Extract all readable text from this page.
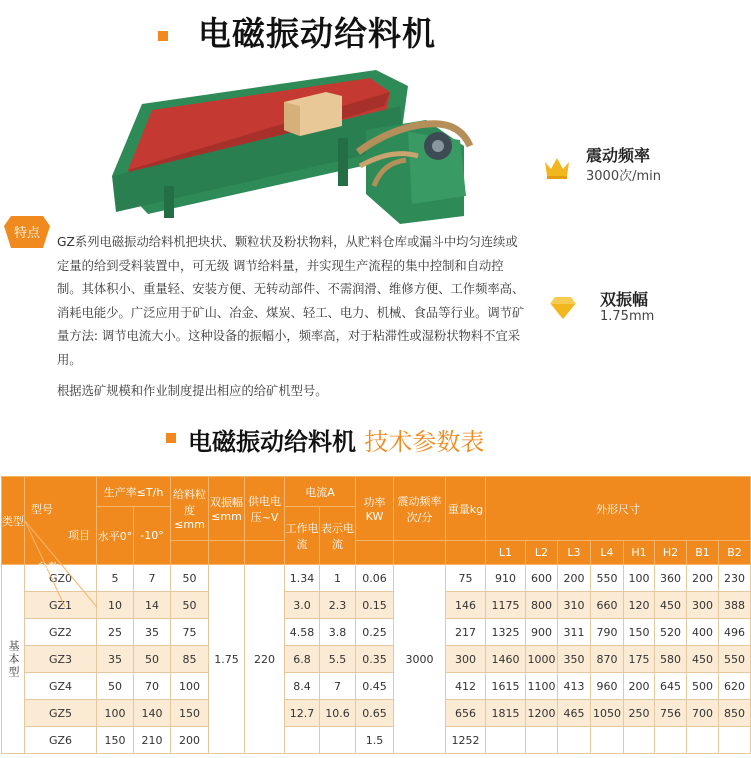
电磁振动给料机
震动频率
3000次/min
双振幅
1.75mm
特点
GZ系列电磁振动给料机把块状、颗粒状及粉状物料，从贮料仓库或漏斗中均匀连续或定量的给到受料装置中，可无级 调节给料量，并实现生产流程的集中控制和自动控制。其体积小、重量轻、安装方便、无转动部件、不需润滑、维修方便、工作频率高、消耗电能少。广泛应用于矿山、冶金、煤炭、轻工、电力、机械、食品等行业。调节矿量方法: 调节电流大小。这种设备的振幅小，频率高，对于粘滞性或湿粉状物料不宜采用。
根据选矿规模和作业制度提出相应的给矿机型号。
电磁振动给料机 技术参数表
类型	项目
参数
型号	生产率≤T/h		给料粒度≤mm	双振幅≤mm	供电电压~V	电流A		功率KW	震动频率次/分	重量kg	外形尺寸							
		水平0°	-10°				工作电流	表示电流											
												L1	L2	L3	L4	H1	H2	B1	B2
基本型	GZ0	5	7	50	1.75	220	1.34	1	0.06	3000	75	910	600	200	550	100	360	200	230
	GZ1	10	14	50			3.0	2.3	0.15		146	1175	800	310	660	120	450	300	388
	GZ2	25	35	75			4.58	3.8	0.25		217	1325	900	311	790	150	520	400	496
	GZ3	35	50	85			6.8	5.5	0.35		300	1460	1000	350	870	175	580	450	550
	GZ4	50	70	100			8.4	7	0.45		412	1615	1100	413	960	200	645	500	620
	GZ5	100	140	150			12.7	10.6	0.65		656	1815	1200	465	1050	250	756	700	850
	GZ6	150	210	200					1.5		1252								
